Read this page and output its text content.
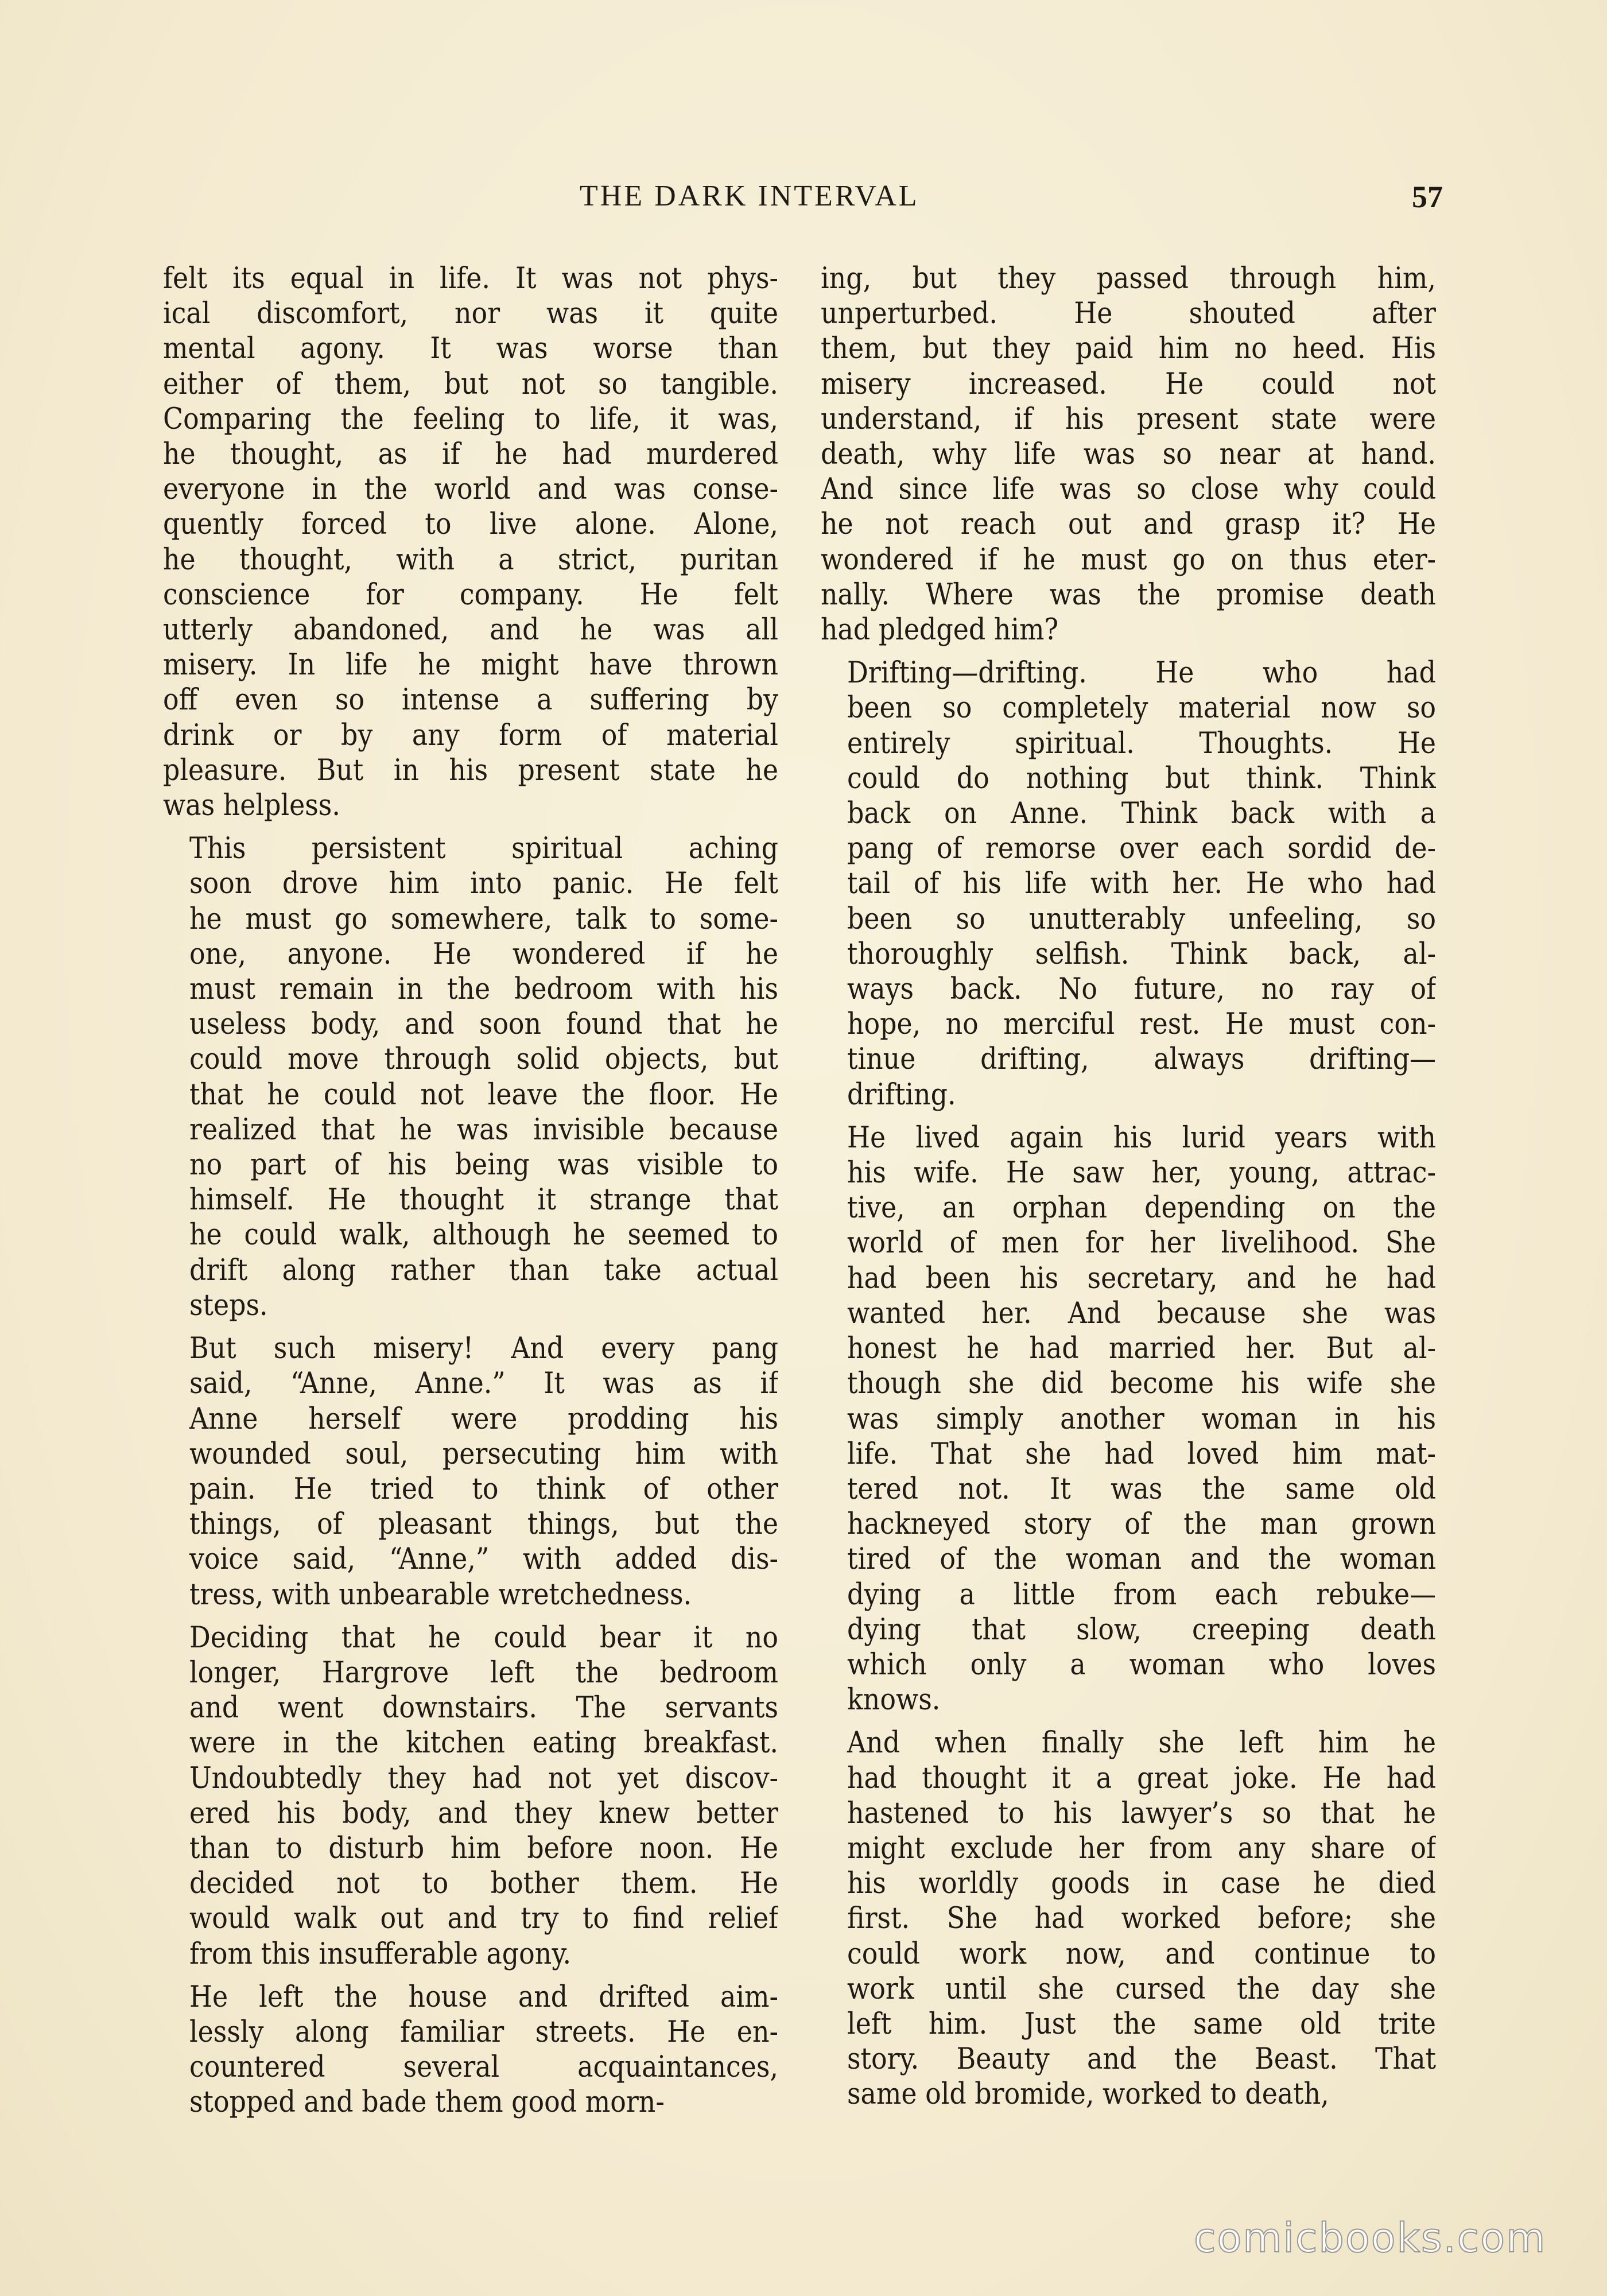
THE DARK INTERVAL	57

felt its equal in life. It was not phys-
ical discomfort, nor was it quite
mental agony. It was worse than
either of them, but not so tangible.
Comparing the feeling to life, it was,
he thought, as if he had murdered
everyone in the world and was conse-
quently forced to live alone. Alone,
he thought, with a strict, puritan
conscience for company. He felt
utterly abandoned, and he was all
misery. In life he might have thrown
off even so intense a suffering by
drink or by any form of material
pleasure. But in his present state he
was helpless.

This persistent spiritual aching
soon drove him into panic. He felt
he must go somewhere, talk to some-
one, anyone. He wondered if he
must remain in the bedroom with his
useless body, and soon found that he
could move through solid objects, but
that he could not leave the floor. He
realized that he was invisible because
no part of his being was visible to
himself. He thought it strange that
he could walk, although he seemed to
drift along rather than take actual
steps.

But such misery! And every pang
said, “Anne, Anne.” It was as if
Anne herself were prodding his
wounded soul, persecuting him with
pain. He tried to think of other
things, of pleasant things, but the
voice said, “Anne,” with added dis-
tress, with unbearable wretchedness.

Deciding that he could bear it no
longer, Hargrove left the bedroom
and went downstairs. The servants
were in the kitchen eating breakfast.
Undoubtedly they had not yet discov-
ered his body, and they knew better
than to disturb him before noon. He
decided not to bother them. He
would walk out and try to find relief
from this insufferable agony.

He left the house and drifted aim-
lessly along familiar streets. He en-
countered several acquaintances,
stopped and bade them good morn-

ing, but they passed through him,
unperturbed. He shouted after
them, but they paid him no heed. His
misery increased. He could not
understand, if his present state were
death, why life was so near at hand.
And since life was so close why could
he not reach out and grasp it? He
wondered if he must go on thus eter-
nally. Where was the promise death
had pledged him?

Drifting—drifting. He who had
been so completely material now so
entirely spiritual. Thoughts. He
could do nothing but think. Think
back on Anne. Think back with a
pang of remorse over each sordid de-
tail of his life with her. He who had
been so unutterably unfeeling, so
thoroughly selfish. Think back, al-
ways back. No future, no ray of
hope, no merciful rest. He must con-
tinue drifting, always drifting—
drifting.

He lived again his lurid years with
his wife. He saw her, young, attrac-
tive, an orphan depending on the
world of men for her livelihood. She
had been his secretary, and he had
wanted her. And because she was
honest he had married her. But al-
though she did become his wife she
was simply another woman in his
life. That she had loved him mat-
tered not. It was the same old
hackneyed story of the man grown
tired of the woman and the woman
dying a little from each rebuke—
dying that slow, creeping death
which only a woman who loves
knows.

And when finally she left him he
had thought it a great joke. He had
hastened to his lawyer’s so that he
might exclude her from any share of
his worldly goods in case he died
first. She had worked before; she
could work now, and continue to
work until she cursed the day she
left him. Just the same old trite
story. Beauty and the Beast. That
same old bromide, worked to death,

comicbooks.com
